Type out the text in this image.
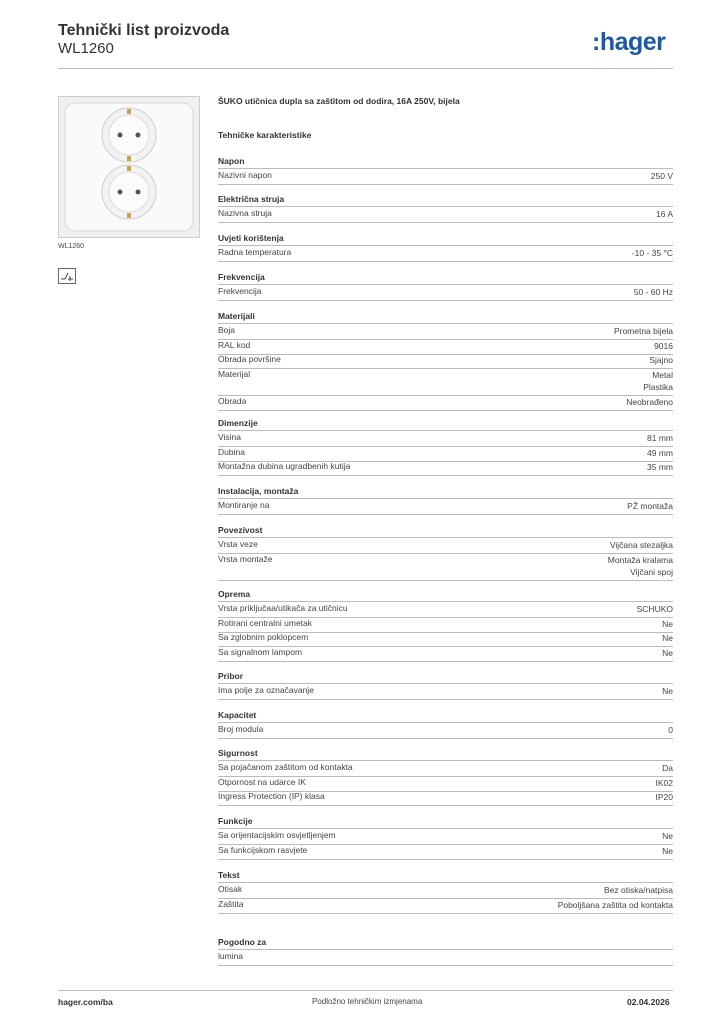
Tehnički list proizvoda
WL1260	:hager
WL1260
ŠUKO utičnica dupla sa zaštitom od dodira, 16A 250V, bijela
Tehničke karakteristike
Napon
Nazivni napon	250 V
Električna struja
Nazivna struja	16 A
Uvjeti korištenja
Radna temperatura	-10 - 35 °C
Frekvencija
Frekvencija	50 - 60 Hz
Materijali
Boja	Prometna bijela
RAL kod	9016
Obrada površine	Sjajno
Materijal	Metal
Plastika
Obrada	Neobrađeno
Dimenzije
Visina	81 mm
Dubina	49 mm
Montažna dubina ugradbenih kutija	35 mm
Instalacija, montaža
Montiranje na	PŽ montaža
Povezivost
Vrsta veze	Vijčana stezaljka
Vrsta montaže	Montaža kralama
Vijčani spoj
Oprema
Vrsta priključaa/utikača za utičnicu	SCHUKO
Rotirani centralni umetak	Ne
Sa zglobnim poklopcem	Ne
Sa signalnom lampom	Ne
Pribor
Ima polje za označavanje	Ne
Kapacitet
Broj modula	0
Sigurnost
Sa pojačanom zaštitom od kontakta	Da
Otpornost na udarce IK	IK02
Ingress Protection (IP) klasa	IP20
Funkcije
Sa orijentacijskim osvjetljenjem	Ne
Sa funkcijskom rasvjete	Ne
Tekst
Otisak	Bez otiska/natpisa
Zaštita	Poboljšana zaštita od kontakta
Pogodno za
lumina
hager.com/ba	Podložno tehničkim izmjenama	02.04.2026
